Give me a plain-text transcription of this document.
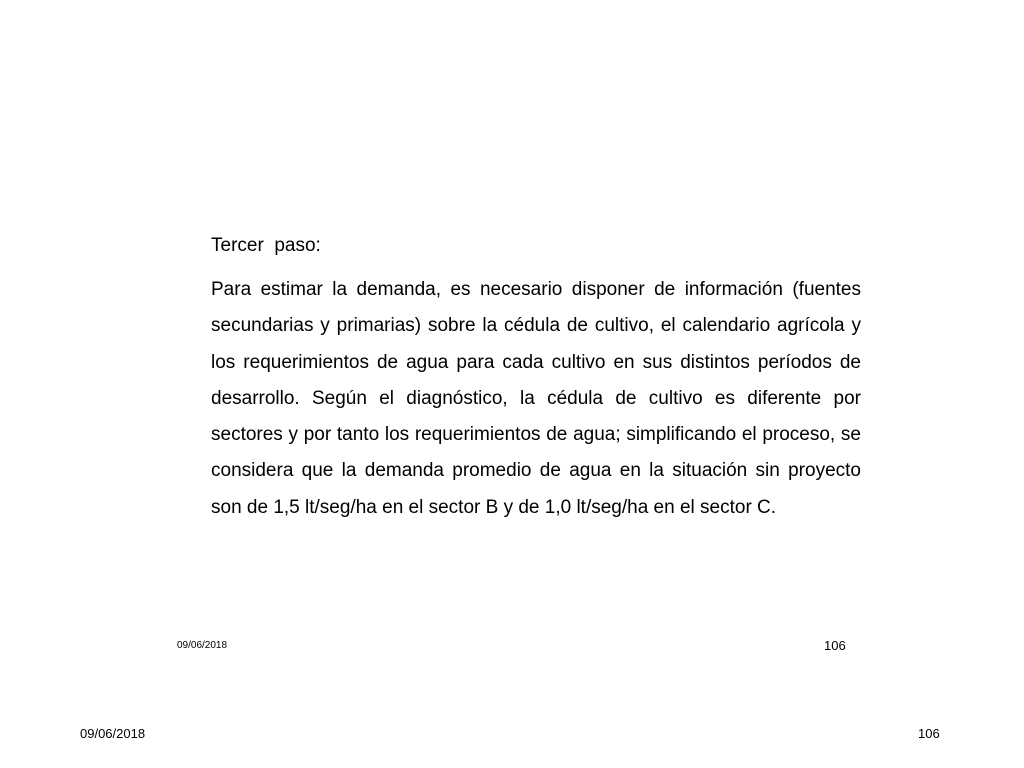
Tercer  paso:

Para estimar la demanda, es necesario disponer de información (fuentes secundarias y primarias) sobre la cédula de cultivo, el calendario agrícola y los requerimientos de agua para cada cultivo en sus distintos períodos de desarrollo. Según el diagnóstico, la cédula de cultivo es diferente por sectores y por tanto los requerimientos de agua; simplificando el proceso, se considera que la demanda promedio de agua en la situación sin proyecto son de 1,5 lt/seg/ha en el sector B y de 1,0 lt/seg/ha en el sector C.

09/06/2018	106
09/06/2018	106
